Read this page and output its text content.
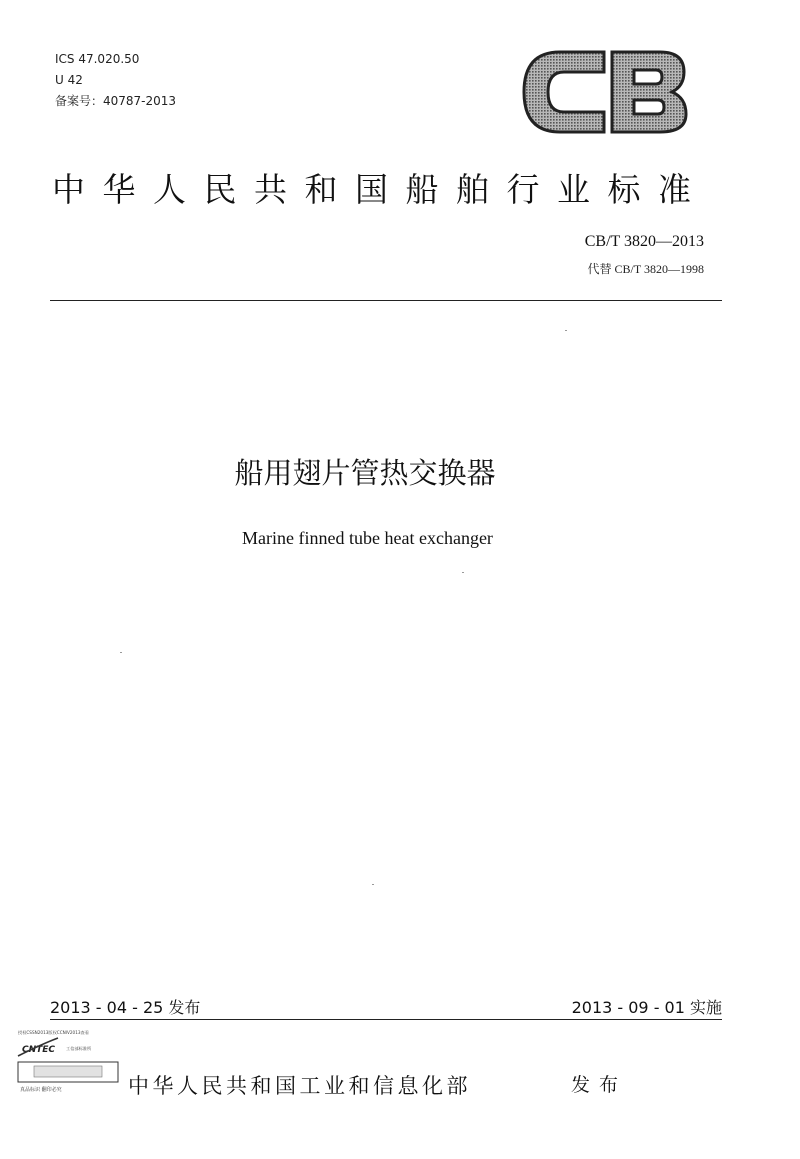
ICS 47.020.50
U 42
备案号：40787-2013
中华人民共和国船舶行业标准
CB/T 3820—2013
代替 CB/T 3820—1998
船用翅片管热交换器
Marine finned tube heat exchanger
2013 - 04 - 25 发布	2013 - 09 - 01 实施
授权CSSN2013版权CCNIV2013查看
CNTEC	工信部标准所
真品标识 翻印必究	中华人民共和国工业和信息化部	发布
